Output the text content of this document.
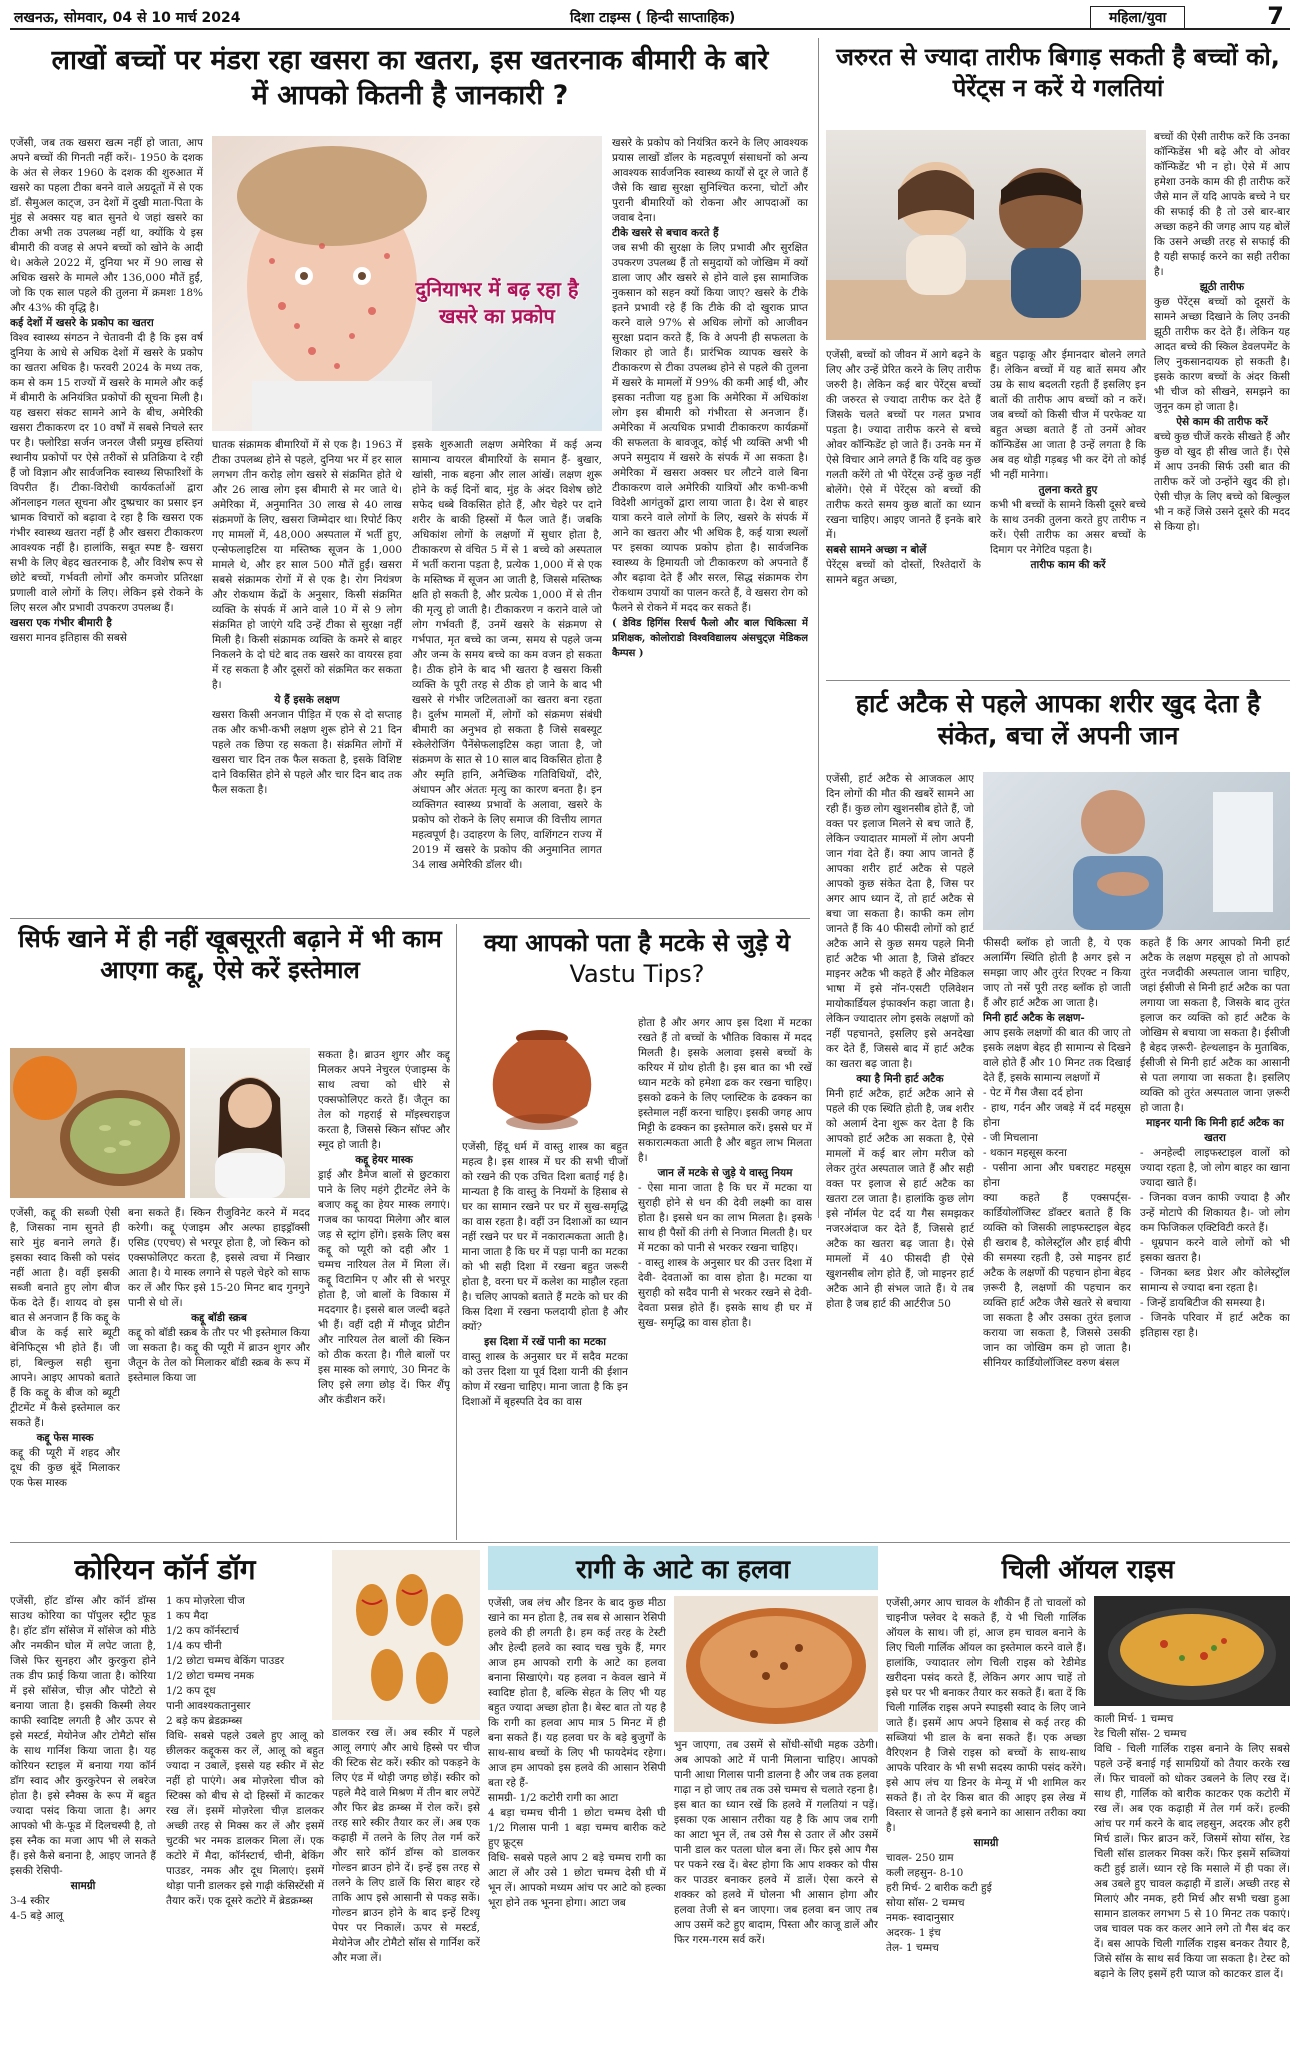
लखनऊ, सोमवार, 04 से 10 मार्च 2024	दिशा टाइम्स ( हिन्दी साप्ताहिक)	महिला/युवा	7
लाखों बच्चों पर मंडरा रहा खसरा का खतरा, इस खतरनाक बीमारी के बारे में आपको कितनी है जानकारी ?

एजेंसी, जब तक खसरा खत्म नहीं हो जाता, आप अपने बच्चों की गिनती नहीं करें।- 1950 के दशक के अंत से लेकर 1960 के दशक की शुरुआत में खसरे का पहला टीका बनने वाले अग्रदूतों में से एक डॉ. सैमुअल काट्ज, उन देशों में दुखी माता-पिता के मुंह से अक्सर यह बात सुनते थे जहां खसरे का टीका अभी तक उपलब्ध नहीं था, क्योंकि ये इस बीमारी की वजह से अपने बच्चों को खोने के आदी थे। अकेले 2022 में, दुनिया भर में 90 लाख से अधिक खसरे के मामले और 136,000 मौतें हुईं, जो कि एक साल पहले की तुलना में क्रमशः 18% और 43% की वृद्धि है।

कई देशों में खसरे के प्रकोप का खतरा

विश्व स्वास्थ्य संगठन ने चेतावनी दी है कि इस वर्ष दुनिया के आधे से अधिक देशों में खसरे के प्रकोप का खतरा अधिक है। फरवरी 2024 के मध्य तक, कम से कम 15 राज्यों में खसरे के मामले और कई में बीमारी के अनियंत्रित प्रकोपों की सूचना मिली है। यह खसरा संकट सामने आने के बीच, अमेरिकी खसरा टीकाकरण दर 10 वर्षों में सबसे निचले स्तर पर है। फ्लोरिडा सर्जन जनरल जैसी प्रमुख हस्तियां स्थानीय प्रकोपों पर ऐसे तरीकों से प्रतिक्रिया दे रही हैं जो विज्ञान और सार्वजनिक स्वास्थ्य सिफारिशों के विपरीत हैं। टीका-विरोधी कार्यकर्ताओं द्वारा ऑनलाइन गलत सूचना और दुष्प्रचार का प्रसार इन भ्रामक विचारों को बढ़ावा दे रहा है कि खसरा एक गंभीर स्वास्थ्य खतरा नहीं है और खसरा टीकाकरण आवश्यक नहीं है। हालांकि, सबूत स्पष्ट है- खसरा सभी के लिए बेहद खतरनाक है, और विशेष रूप से छोटे बच्चों, गर्भवती लोगों और कमजोर प्रतिरक्षा प्रणाली वाले लोगों के लिए। लेकिन इसे रोकने के लिए सरल और प्रभावी उपकरण उपलब्ध हैं।

खसरा एक गंभीर बीमारी है

खसरा मानव इतिहास की सबसे

दुनियाभर में बढ़ रहा है खसरे का प्रकोप

घातक संक्रामक बीमारियों में से एक है। 1963 में टीका उपलब्ध होने से पहले, दुनिया भर में हर साल लगभग तीन करोड़ लोग खसरे से संक्रमित होते थे और 26 लाख लोग इस बीमारी से मर जाते थे। अमेरिका में, अनुमानित 30 लाख से 40 लाख संक्रमणों के लिए, खसरा जिम्मेदार था। रिपोर्ट किए गए मामलों में, 48,000 अस्पताल में भर्ती हुए, एन्सेफलाइटिस या मस्तिष्क सूजन के 1,000 मामले थे, और हर साल 500 मौतें हुईं। खसरा सबसे संक्रामक रोगों में से एक है। रोग नियंत्रण और रोकथाम केंद्रों के अनुसार, किसी संक्रमित व्यक्ति के संपर्क में आने वाले 10 में से 9 लोग संक्रमित हो जाएंगे यदि उन्हें टीका से सुरक्षा नहीं मिली है। किसी संक्रामक व्यक्ति के कमरे से बाहर निकलने के दो घंटे बाद तक खसरे का वायरस हवा में रह सकता है और दूसरों को संक्रमित कर सकता है।

ये हैं इसके लक्षण

खसरा किसी अनजान पीड़ित में एक से दो सप्ताह तक और कभी-कभी लक्षण शुरू होने से 21 दिन पहले तक छिपा रह सकता है। संक्रमित लोगों में खसरा चार दिन तक फैल सकता है, इसके विशिष्ट दाने विकसित होने से पहले और चार दिन बाद तक फैल सकता है।

इसके शुरुआती लक्षण अमेरिका में कई अन्य सामान्य वायरल बीमारियों के समान हैं- बुखार, खांसी, नाक बहना और लाल आंखें। लक्षण शुरू होने के कई दिनों बाद, मुंह के अंदर विशेष छोटे सफेद धब्बे विकसित होते हैं, और चेहरे पर दाने शरीर के बाकी हिस्सों में फैल जाते हैं। जबकि अधिकांश लोगों के लक्षणों में सुधार होता है, टीकाकरण से वंचित 5 में से 1 बच्चे को अस्पताल में भर्ती कराना पड़ता है, प्रत्येक 1,000 में से एक के मस्तिष्क में सूजन आ जाती है, जिससे मस्तिष्क क्षति हो सकती है, और प्रत्येक 1,000 में से तीन की मृत्यु हो जाती है। टीकाकरण न कराने वाले जो लोग गर्भवती हैं, उनमें खसरे के संक्रमण से गर्भपात, मृत बच्चे का जन्म, समय से पहले जन्म और जन्म के समय बच्चे का कम वजन हो सकता है। ठीक होने के बाद भी खतरा है खसरा किसी व्यक्ति के पूरी तरह से ठीक हो जाने के बाद भी खसरे से गंभीर जटिलताओं का खतरा बना रहता है। दुर्लभ मामलों में, लोगों को संक्रमण संबंधी बीमारी का अनुभव हो सकता है जिसे सबस्यूट स्केलेरोजिंग पैनेंसेफलाइटिस कहा जाता है, जो संक्रमण के सात से 10 साल बाद विकसित होता है और स्मृति हानि, अनैच्छिक गतिविधियों, दौरे, अंधापन और अंततः मृत्यु का कारण बनता है। इन व्यक्तिगत स्वास्थ्य प्रभावों के अलावा, खसरे के प्रकोप को रोकने के लिए समाज की वित्तीय लागत महत्वपूर्ण है। उदाहरण के लिए, वाशिंगटन राज्य में 2019 में खसरे के प्रकोप की अनुमानित लागत 34 लाख अमेरिकी डॉलर थी।

खसरे के प्रकोप को नियंत्रित करने के लिए आवश्यक प्रयास लाखों डॉलर के महत्वपूर्ण संसाधनों को अन्य आवश्यक सार्वजनिक स्वास्थ्य कार्यों से दूर ले जाते हैं जैसे कि खाद्य सुरक्षा सुनिश्चित करना, चोटों और पुरानी बीमारियों को रोकना और आपदाओं का जवाब देना।

टीके खसरे से बचाव करते हैं

जब सभी की सुरक्षा के लिए प्रभावी और सुरक्षित उपकरण उपलब्ध हैं तो समुदायों को जोखिम में क्यों डाला जाए और खसरे से होने वाले इस सामाजिक नुकसान को सहन क्यों किया जाए? खसरे के टीके इतने प्रभावी रहे हैं कि टीके की दो खुराक प्राप्त करने वाले 97% से अधिक लोगों को आजीवन सुरक्षा प्रदान करते हैं, कि वे अपनी ही सफलता के शिकार हो जाते हैं। प्रारंभिक व्यापक खसरे के टीकाकरण से टीका उपलब्ध होने से पहले की तुलना में खसरे के मामलों में 99% की कमी आई थी, और इसका नतीजा यह हुआ कि अमेरिका में अधिकांश लोग इस बीमारी को गंभीरता से अनजान हैं। अमेरिका में अत्यधिक प्रभावी टीकाकरण कार्यक्रमों की सफलता के बावजूद, कोई भी व्यक्ति अभी भी अपने समुदाय में खसरे के संपर्क में आ सकता है। अमेरिका में खसरा अक्सर घर लौटने वाले बिना टीकाकरण वाले अमेरिकी यात्रियों और कभी-कभी विदेशी आगंतुकों द्वारा लाया जाता है। देश से बाहर यात्रा करने वाले लोगों के लिए, खसरे के संपर्क में आने का खतरा और भी अधिक है, कई यात्रा स्थलों पर इसका व्यापक प्रकोप होता है। सार्वजनिक स्वास्थ्य के हिमायती जो टीकाकरण को अपनाते हैं और बढ़ावा देते हैं और सरल, सिद्ध संक्रामक रोग रोकथाम उपायों का पालन करते हैं, वे खसरा रोग को फैलने से रोकने में मदद कर सकते हैं।

( डेविड हिगिंस रिसर्च फैलो और बाल चिकित्सा में प्रशिक्षक, कोलोराडो विश्वविद्यालय अंसचुट्ज़ मेडिकल कैम्पस )

जरुरत से ज्यादा तारीफ बिगाड़ सकती है बच्चों को, पेरेंट्स न करें ये गलतियां

बच्चों की ऐसी तारीफ करें कि उनका कॉन्फिडेंस भी बढ़े और वो ओवर कॉन्फिडेंट भी न हो। ऐसे में आप हमेशा उनके काम की ही तारीफ करें जैसे मान लें यदि आपके बच्चे ने घर की सफाई की है तो उसे बार-बार अच्छा कहने की जगह आप यह बोलें कि उसने अच्छी तरह से सफाई की है यही सफाई करने का सही तरीका है।

झूठी तारीफ

कुछ पेरेंट्स बच्चों को दूसरों के सामने अच्छा दिखाने के लिए उनकी झूठी तारीफ कर देते हैं। लेकिन यह आदत बच्चे की स्किल डेवलपमेंट के लिए नुकसानदायक हो सकती है। इसके कारण बच्चों के अंदर किसी भी चीज को सीखने, समझने का जुनून कम हो जाता है।

ऐसे काम की तारीफ करें

बच्चे कुछ चीजें करके सीखते हैं और कुछ वो खुद ही सीख जाते हैं। ऐसे में आप उनकी सिर्फ उसी बात की तारीफ करें जो उन्होंने खुद की हो। ऐसी चीज़ के लिए बच्चे को बिल्कुल भी न कहें जिसे उसने दूसरे की मदद से किया हो।

एजेंसी, बच्चों को जीवन में आगे बढ़ने के लिए और उन्हें प्रेरित करने के लिए तारीफ जरुरी है। लेकिन कई बार पेरेंट्स बच्चों की जरुरत से ज्यादा तारीफ कर देते हैं जिसके चलते बच्चों पर गलत प्रभाव पड़ता है। ज्यादा तारीफ करने से बच्चे ओवर कॉन्फिडेंट हो जाते हैं। उनके मन में ऐसे विचार आने लगते हैं कि यदि वह कुछ गलती करेंगे तो भी पेरेंट्स उन्हें कुछ नहीं बोलेंगे। ऐसे में पेरेंट्स को बच्चों की तारीफ करते समय कुछ बातों का ध्यान रखना चाहिए। आइए जानते हैं इनके बारे में।

सबसे सामने अच्छा न बोलें

पेरेंट्स बच्चों को दोस्तों, रिश्तेदारों के सामने बहुत अच्छा,

बहुत पढ़ाकू और ईमानदार बोलने लगते हैं। लेकिन बच्चों में यह बातें समय और उम्र के साथ बदलती रहती हैं इसलिए इन बातों की तारीफ आप बच्चों को न करें। जब बच्चों को किसी चीज में परफेक्ट या बहुत अच्छा बताते हैं तो उनमें ओवर कॉन्फिडेंस आ जाता है उन्हें लगता है कि अब वह थोड़ी गड़बड़ भी कर देंगे तो कोई भी नहीं मानेगा।

तुलना करते हुए

कभी भी बच्चों के सामने किसी दूसरे बच्चे के साथ उनकी तुलना करते हुए तारीफ न करें। ऐसी तारीफ का असर बच्चों के दिमाग पर नेगेटिव पड़ता है।

तारीफ काम की करें

हार्ट अटैक से पहले आपका शरीर खुद देता है संकेत, बचा लें अपनी जान

एजेंसी, हार्ट अटैक से आजकल आए दिन लोगों की मौत की खबरें सामने आ रही हैं। कुछ लोग खुशनसीब होते हैं, जो वक्त पर इलाज मिलने से बच जाते हैं, लेकिन ज्यादातर मामलों में लोग अपनी जान गंवा देते हैं। क्या आप जानते हैं आपका शरीर हार्ट अटैक से पहले आपको कुछ संकेत देता है, जिस पर अगर आप ध्यान दें, तो हार्ट अटैक से बचा जा सकता है। काफी कम लोग जानते हैं कि 40 फीसदी लोगों को हार्ट अटैक आने से कुछ समय पहले मिनी हार्ट अटैक भी आता है, जिसे डॉक्टर माइनर अटैक भी कहते हैं और मेडिकल भाषा में इसे नॉन-एसटी एलिवेशन मायोकार्डियल इंफार्क्शन कहा जाता है। लेकिन ज्यादातर लोग इसके लक्षणों को नहीं पहचानते, इसलिए इसे अनदेखा कर देते हैं, जिससे बाद में हार्ट अटैक का खतरा बढ़ जाता है।

क्या है मिनी हार्ट अटैक

मिनी हार्ट अटैक, हार्ट अटैक आने से पहले की एक स्थिति होती है, जब शरीर को अलार्म देना शुरू कर देता है कि आपको हार्ट अटैक आ सकता है, ऐसे मामलों में कई बार लोग मरीज को लेकर तुरंत अस्पताल जाते हैं और सही वक्त पर इलाज से हार्ट अटैक का खतरा टल जाता है। हालांकि कुछ लोग इसे नॉर्मल पेट दर्द या गैस समझकर नजरअंदाज कर देते हैं, जिससे हार्ट अटैक का खतरा बढ़ जाता है। ऐसे मामलों में 40 फीसदी ही ऐसे खुशनसीब लोग होते हैं, जो माइनर हार्ट अटैक आने ही संभल जाते हैं। ये तब होता है जब हार्ट की आर्टरीज 50

फीसदी ब्लॉक हो जाती है, ये एक अलार्मिंग स्थिति होती है अगर इसे न समझा जाए और तुरंत रिएक्ट न किया जाए तो नसें पूरी तरह ब्लॉक हो जाती हैं और हार्ट अटैक आ जाता है।

मिनी हार्ट अटैक के लक्षण-

आप इसके लक्षणों की बात की जाए तो इसके लक्षण बेहद ही सामान्य से दिखने वाले होते हैं और 10 मिनट तक दिखाई देते हैं, इसके सामान्य लक्षणों में

- पेट में गैस जैसा दर्द होना

- हाथ, गर्दन और जबड़े में दर्द महसूस होना

- जी मिचलाना

- थकान महसूस करना

- पसीना आना और घबराहट महसूस होना

क्या कहते हैं एक्सपर्ट्स- कार्डियोलॉजिस्ट डॉक्टर बताते हैं कि व्यक्ति को जिसकी लाइफस्टाइल बेहद ही खराब है, कोलेस्ट्रॉल और हाई बीपी की समस्या रहती है, उसे माइनर हार्ट अटैक के लक्षणों की पहचान होना बेहद ज़रूरी है, लक्षणों की पहचान कर व्यक्ति हार्ट अटैक जैसे खतरे से बचाया जा सकता है और उसका तुरंत इलाज कराया जा सकता है, जिससे उसकी जान का जोखिम कम हो जाता है। सीनियर कार्डियोलॉजिस्ट वरुण बंसल

कहते हैं कि अगर आपको मिनी हार्ट अटैक के लक्षण महसूस हो तो आपको तुरंत नजदीकी अस्पताल जाना चाहिए, जहां ईसीजी से मिनी हार्ट अटैक का पता लगाया जा सकता है, जिसके बाद तुरंत इलाज कर व्यक्ति को हार्ट अटैक के जोखिम से बचाया जा सकता है। ईसीजी है बेहद ज़रूरी- हेल्थलाइन के मुताबिक, ईसीजी से मिनी हार्ट अटैक का आसानी से पता लगाया जा सकता है। इसलिए व्यक्ति को तुरंत अस्पताल जाना ज़रूरी हो जाता है।

माइनर यानी कि मिनी हार्ट अटैक का खतरा

- अनहेल्दी लाइफस्टाइल वालों को ज्यादा रहता है, जो लोग बाहर का खाना ज्यादा खाते हैं।

- जिनका वजन काफी ज्यादा है और उन्हें मोटापे की शिकायत है।- जो लोग कम फिजिकल एक्टिविटी करते हैं।

- धूम्रपान करने वाले लोगों को भी इसका खतरा है।

- जिनका ब्लड प्रेशर और कोलेस्ट्रॉल सामान्य से ज्यादा बना रहता है।

- जिन्हें डायबिटीज की समस्या है।

- जिनके परिवार में हार्ट अटैक का इतिहास रहा है।

सिर्फ खाने में ही नहीं खूबसूरती बढ़ाने में भी काम आएगा कद्दू, ऐसे करें इस्तेमाल

एजेंसी, कद्दू की सब्जी ऐसी है, जिसका नाम सुनते ही सारे मुंह बनाने लगते हैं। इसका स्वाद किसी को पसंद नहीं आता है। वहीं इसकी सब्जी बनाते हुए लोग बीज फेंक देते हैं। शायद वो इस बात से अनजान हैं कि कद्दू के बीज के कई सारे ब्यूटी बेनिफिट्स भी होते हैं। जी हां, बिल्कुल सही सुना आपने। आइए आपको बताते हैं कि कद्दू के बीज को ब्यूटी ट्रीटमेंट में कैसे इस्तेमाल कर सकते हैं।

कद्दू फेस मास्क

कद्दू की प्यूरी में शहद और दूध की कुछ बूंदें मिलाकर एक फेस मास्क

बना सकते हैं। स्किन रीजुविनेट करने में मदद करेगी। कद्दू एंजाइम और अल्फा हाइड्रॉक्सी एसिड (एएचए) से भरपूर होता है, जो स्किन को एक्सफोलिएट करता है, इससे त्वचा में निखार आता है। ये मास्क लगाने से पहले चेहरे को साफ कर लें और फिर इसे 15-20 मिनट बाद गुनगुने पानी से धो लें।

कद्दू बॉडी स्क्रब

कद्दू को बॉडी स्क्रब के तौर पर भी इस्तेमाल किया जा सकता है। कद्दू की प्यूरी में ब्राउन शुगर और जैतून के तेल को मिलाकर बॉडी स्क्रब के रूप में इस्तेमाल किया जा

सकता है। ब्राउन शुगर और कद्दू मिलकर अपने नेचुरल एंजाइम्स के साथ त्वचा को धीरे से एक्सफोलिएट करते हैं। जैतून का तेल को गहराई से मॉइस्चराइज करता है, जिससे स्किन सॉफ्ट और स्मूद हो जाती है।

कद्दू हेयर मास्क

ड्राई और डैमेज बालों से छुटकारा पाने के लिए महंगे ट्रीटमेंट लेने के बजाए कद्दू का हेयर मास्क लगाएं। गजब का फायदा मिलेगा और बाल जड़ से स्ट्रांग होंगे। इसके लिए बस कद्दू को प्यूरी को दही और 1 चम्मच नारियल तेल में मिला लें। कद्दू विटामिन ए और सी से भरपूर होता है, जो बालों के विकास में मददगार है। इससे बाल जल्दी बढ़ते भी हैं। वहीं दही में मौजूद प्रोटीन और नारियल तेल बालों की स्किन को ठीक करता है। गीले बालों पर इस मास्क को लगाएं, 30 मिनट के लिए इसे लगा छोड़ दें। फिर शैंपू और कंडीशन करें।

क्या आपको पता है मटके से जुड़े ये Vastu Tips?

एजेंसी, हिंदू धर्म में वास्तु शास्त्र का बहुत महत्व है। इस शास्त्र में घर की सभी चीजों को रखने की एक उचित दिशा बताई गई है। मान्यता है कि वास्तु के नियमों के हिसाब से घर का सामान रखने पर घर में सुख-समृद्धि का वास रहता है। वहीं उन दिशाओं का ध्यान नहीं रखने पर घर में नकारात्मकता आती है। माना जाता है कि घर में पड़ा पानी का मटका को भी सही दिशा में रखना बहुत जरूरी होता है, वरना घर में कलेश का माहौल रहता है। चलिए आपको बताते हैं मटके को घर की किस दिशा में रखना फलदायी होता है और क्यों?

इस दिशा में रखें पानी का मटका

वास्तु शास्त्र के अनुसार घर में सदैव मटका को उत्तर दिशा या पूर्व दिशा यानी की ईशान कोण में रखना चाहिए। माना जाता है कि इन दिशाओं में बृहस्पति देव का वास

होता है और अगर आप इस दिशा में मटका रखते हैं तो बच्चों के भौतिक विकास में मदद मिलती है। इसके अलावा इससे बच्चों के करियर में ग्रोथ होती है। इस बात का भी रखें ध्यान मटके को हमेशा ढक कर रखना चाहिए। इसको ढकने के लिए प्लास्टिक के ढक्कन का इस्तेमाल नहीं करना चाहिए। इसकी जगह आप मिट्टी के ढक्कन का इस्तेमाल करें। इससे घर में सकारात्मकता आती है और बहुत लाभ मिलता है।

जान लें मटके से जुड़े ये वास्तु नियम

- ऐसा माना जाता है कि घर में मटका या सुराही होने से धन की देवी लक्ष्मी का वास होता है। इससे धन का लाभ मिलता है। इसके साथ ही पैसों की तंगी से निजात मिलती है। घर में मटका को पानी से भरकर रखना चाहिए।

- वास्तु शास्त्र के अनुसार घर की उत्तर दिशा में देवी- देवताओं का वास होता है। मटका या सुराही को सदैव पानी से भरकर रखने से देवी- देवता प्रसन्न होते हैं। इसके साथ ही घर में सुख- समृद्धि का वास होता है।

कोरियन कॉर्न डॉग

एजेंसी, हॉट डॉग्स और कॉर्न डॉग्स साउथ कोरिया का पॉपुलर स्ट्रीट फूड है। हॉट डॉग सॉसेज में सॉसेज को मीठे और नमकीन घोल में लपेट जाता है, जिसे फिर सुनहरा और कुरकुरा होने तक डीप फ्राई किया जाता है। कोरिया में इसे सॉसेज, चीज़ और पोटैटो से बनाया जाता है। इसकी किस्मी लेयर काफी स्वादिष्ट लगती है और ऊपर से इसे मस्टर्ड, मेयोनेज और टोमैटो सॉस के साथ गार्निश किया जाता है। यह कोरियन स्टाइल में बनाया गया कॉर्न डॉग स्वाद और कुरकुरेपन से लबरेज होता है। इसे स्नैक्स के रूप में बहुत ज्यादा पसंद किया जाता है। अगर आपको भी के-फूड में दिलचस्पी है, तो इस स्नैक का मजा आप भी ले सकते हैं। इसे कैसे बनाना है, आइए जानते हैं इसकी रेसिपी-

सामग्री

3-4 स्कीर

4-5 बड़े आलू

1 कप मोज़रेला चीज

1 कप मैदा

1/2 कप कॉर्नस्टार्च

1/4 कप चीनी

1/2 छोटा चम्मच बेकिंग पाउडर

1/2 छोटा चम्मच नमक

1/2 कप दूध

पानी आवश्यकतानुसार

2 बड़े कप ब्रेडक्रम्ब्स

विधि- सबसे पहले उबले हुए आलू को छीलकर कद्दूकस कर लें, आलू को बहुत ज्यादा न उबालें, इससे यह स्कीर में सेट नहीं हो पाएंगे। अब मोज़रेला चीज को स्टिक्स को बीच से दो हिस्सों में काटकर रख लें। इसमें मोज़रेला चीज़ डालकर अच्छी तरह से मिक्स कर लें और इसमें चुटकी भर नमक डालकर मिला लें। एक कटोरे में मैदा, कॉर्नस्टार्च, चीनी, बेकिंग पाउडर, नमक और दूध मिलाएं। इसमें थोड़ा पानी डालकर इसे गाढ़ी कंसिस्टेंसी में तैयार करें। एक दूसरे कटोरे में ब्रेडक्रम्ब्स

डालकर रख लें। अब स्कीर में पहले आलू लगाएं और आधे हिस्से पर चीज की स्टिक सेट करें। स्कीर को पकड़ने के लिए एंड में थोड़ी जगह छोड़ें। स्कीर को पहले मैदे वाले मिश्रण में तीन बार लपेटें और फिर ब्रेड क्रम्ब्स में रोल करें। इसे तरह सारे स्कीर तैयार कर लें। अब एक कढ़ाही में तलने के लिए तेल गर्म करें और सारे कॉर्न डॉग्स को डालकर गोल्डन ब्राउन होने दें। इन्हें इस तरह से तलने के लिए डालें कि सिरा बाहर रहे ताकि आप इसे आसानी से पकड़ सकें। गोल्डन ब्राउन होने के बाद इन्हें टिश्यू पेपर पर निकालें। ऊपर से मस्टर्ड, मेयोनेज और टोमैटो सॉस से गार्निश करें और मजा लें।

रागी के आटे का हलवा

एजेंसी, जब लंच और डिनर के बाद कुछ मीठा खाने का मन होता है, तब सब से आसान रेसिपी हलवे की ही लगती है। हम कई तरह के टेस्टी और हेल्दी हलवे का स्वाद चख चुके हैं, मगर आज हम आपको रागी के आटे का हलवा बनाना सिखाएंगे। यह हलवा न केवल खाने में स्वादिष्ट होता है, बल्कि सेहत के लिए भी यह बहुत ज्यादा अच्छा होता है। बेस्ट बात तो यह है कि रागी का हलवा आप मात्र 5 मिनट में ही बना सकते हैं। यह हलवा घर के बड़े बुजुर्गों के साथ-साथ बच्चों के लिए भी फायदेमंद रहेगा। आज हम आपको इस हलवे की आसान रेसिपी बता रहे हैं-

सामग्री- 1/2 कटोरी रागी का आटा

4 बड़ा चम्मच चीनी 1 छोटा चम्मच देसी घी 1/2 गिलास पानी 1 बड़ा चम्मच बारीक कटे हुए फ्रूट्स

विधि- सबसे पहले आप 2 बड़े चम्मच रागी का आटा लें और उसे 1 छोटा चम्मच देसी घी में भून लें। आपको मध्यम आंच पर आटे को हल्का भूरा होने तक भूनना होगा। आटा जब

भुन जाएगा, तब उसमें से सोंधी-सोंधी महक उठेगी। अब आपको आटे में पानी मिलाना चाहिए। आपको पानी आधा गिलास पानी डालना है और जब तक हलवा गाढ़ा न हो जाए तब तक उसे चम्मच से चलाते रहना है। इस बात का ध्यान रखें कि हलवे में गलतियां न पड़ें। इसका एक आसान तरीका यह है कि आप जब रागी का आटा भून लें, तब उसे गैस से उतार लें और उसमें पानी डाल कर पतला घोल बना लें। फिर इसे आप गैस पर पकने रख दें। बेस्ट होगा कि आप शक्कर को पीस कर पाउडर बनाकर हलवे में डालें। ऐसा करने से शक्कर को हलवे में घोलना भी आसान होगा और हलवा तेजी से बन जाएगा। जब हलवा बन जाए तब आप उसमें कटे हुए बादाम, पिस्ता और काजू डालें और फिर गरम-गरम सर्व करें।

चिली ऑयल राइस

एजेंसी,अगर आप चावल के शौकीन हैं तो चावलों को चाइनीज फ्लेवर दे सकते हैं, ये भी चिली गार्लिक ऑयल के साथ। जी हां, आज हम चावल बनाने के लिए चिली गार्लिक ऑयल का इस्तेमाल करने वाले हैं। हालांकि, ज्यादातर लोग चिली राइस को रेडीमेड खरीदना पसंद करते हैं, लेकिन अगर आप चाहें तो इसे घर पर भी बनाकर तैयार कर सकते हैं। बता दें कि चिली गार्लिक राइस अपने स्पाइसी स्वाद के लिए जाने जाते हैं। इसमें आप अपने हिसाब से कई तरह की सब्जियां भी डाल के बना सकते हैं। एक अच्छा वैरिएशन है जिसे राइस को बच्चों के साथ-साथ आपके परिवार के भी सभी सदस्य काफी पसंद करेंगे। इसे आप लंच या डिनर के मेन्यू में भी शामिल कर सकते हैं। तो देर किस बात की आइए इस लेख में विस्तार से जानते हैं इसे बनाने का आसान तरीका क्या है।

सामग्री

चावल- 250 ग्राम

कली लहसुन- 8-10

हरी मिर्च- 2 बारीक कटी हुई

सोया सॉस- 2 चम्मच

नमक- स्वादानुसार

अदरक- 1 इंच

तेल- 1 चम्मच

काली मिर्च- 1 चम्मच

रेड चिली सॉस- 2 चम्मच

विधि - चिली गार्लिक राइस बनाने के लिए सबसे पहले उन्हें बनाई गई सामग्रियों को तैयार करके रख लें। फिर चावलों को धोकर उबलने के लिए रख दें। साथ ही, गार्लिक को बारीक काटकर एक कटोरी में रख लें। अब एक कढ़ाही में तेल गर्म करें। हल्की आंच पर गर्म करने के बाद लहसुन, अदरक और हरी मिर्च डालें। फिर ब्राउन करें, जिसमें सोया सॉस, रेड चिली सॉस डालकर मिक्स करें। फिर इसमें सब्जियां कटी हुई डालें। ध्यान रहे कि मसाले में ही पका लें। अब उबले हुए चावल कढ़ाही में डालें। अच्छी तरह से मिलाएं और नमक, हरी मिर्च और सभी चखा हुआ सामान डालकर लगभग 5 से 10 मिनट तक पकाएं। जब चावल पक कर कलर आने लगे तो गैस बंद कर दें। बस आपके चिली गार्लिक राइस बनकर तैयार है, जिसे सॉस के साथ सर्व किया जा सकता है। टेस्ट को बढ़ाने के लिए इसमें हरी प्याज को काटकर डाल दें।
